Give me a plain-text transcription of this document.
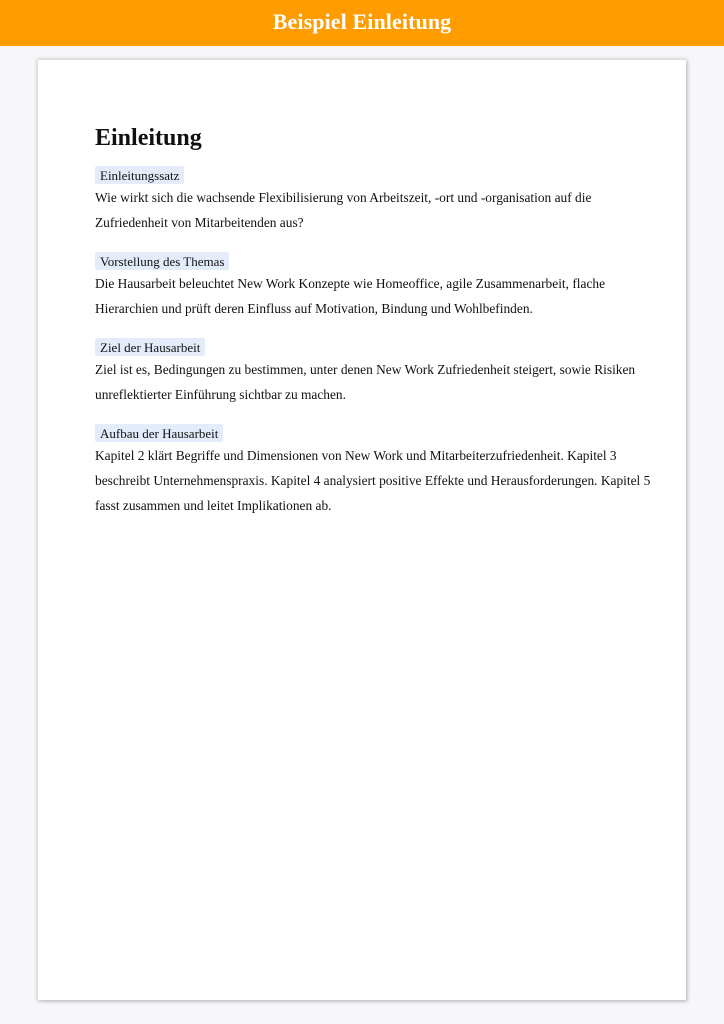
Beispiel Einleitung
Einleitung
Einleitungssatz

Wie wirkt sich die wachsende Flexibilisierung von Arbeitszeit, -ort und -organisation auf die Zufriedenheit von Mitarbeitenden aus?

Vorstellung des Themas

Die Hausarbeit beleuchtet New Work Konzepte wie Homeoffice, agile Zusammenarbeit, flache Hierarchien und prüft deren Einfluss auf Motivation, Bindung und Wohlbefinden.

Ziel der Hausarbeit

Ziel ist es, Bedingungen zu bestimmen, unter denen New Work Zufriedenheit steigert, sowie Risiken unreflektierter Einführung sichtbar zu machen.

Aufbau der Hausarbeit

Kapitel 2 klärt Begriffe und Dimensionen von New Work und Mitarbeiterzufriedenheit. Kapitel 3 beschreibt Unternehmenspraxis. Kapitel 4 analysiert positive Effekte und Herausforderungen. Kapitel 5 fasst zusammen und leitet Implikationen ab.
